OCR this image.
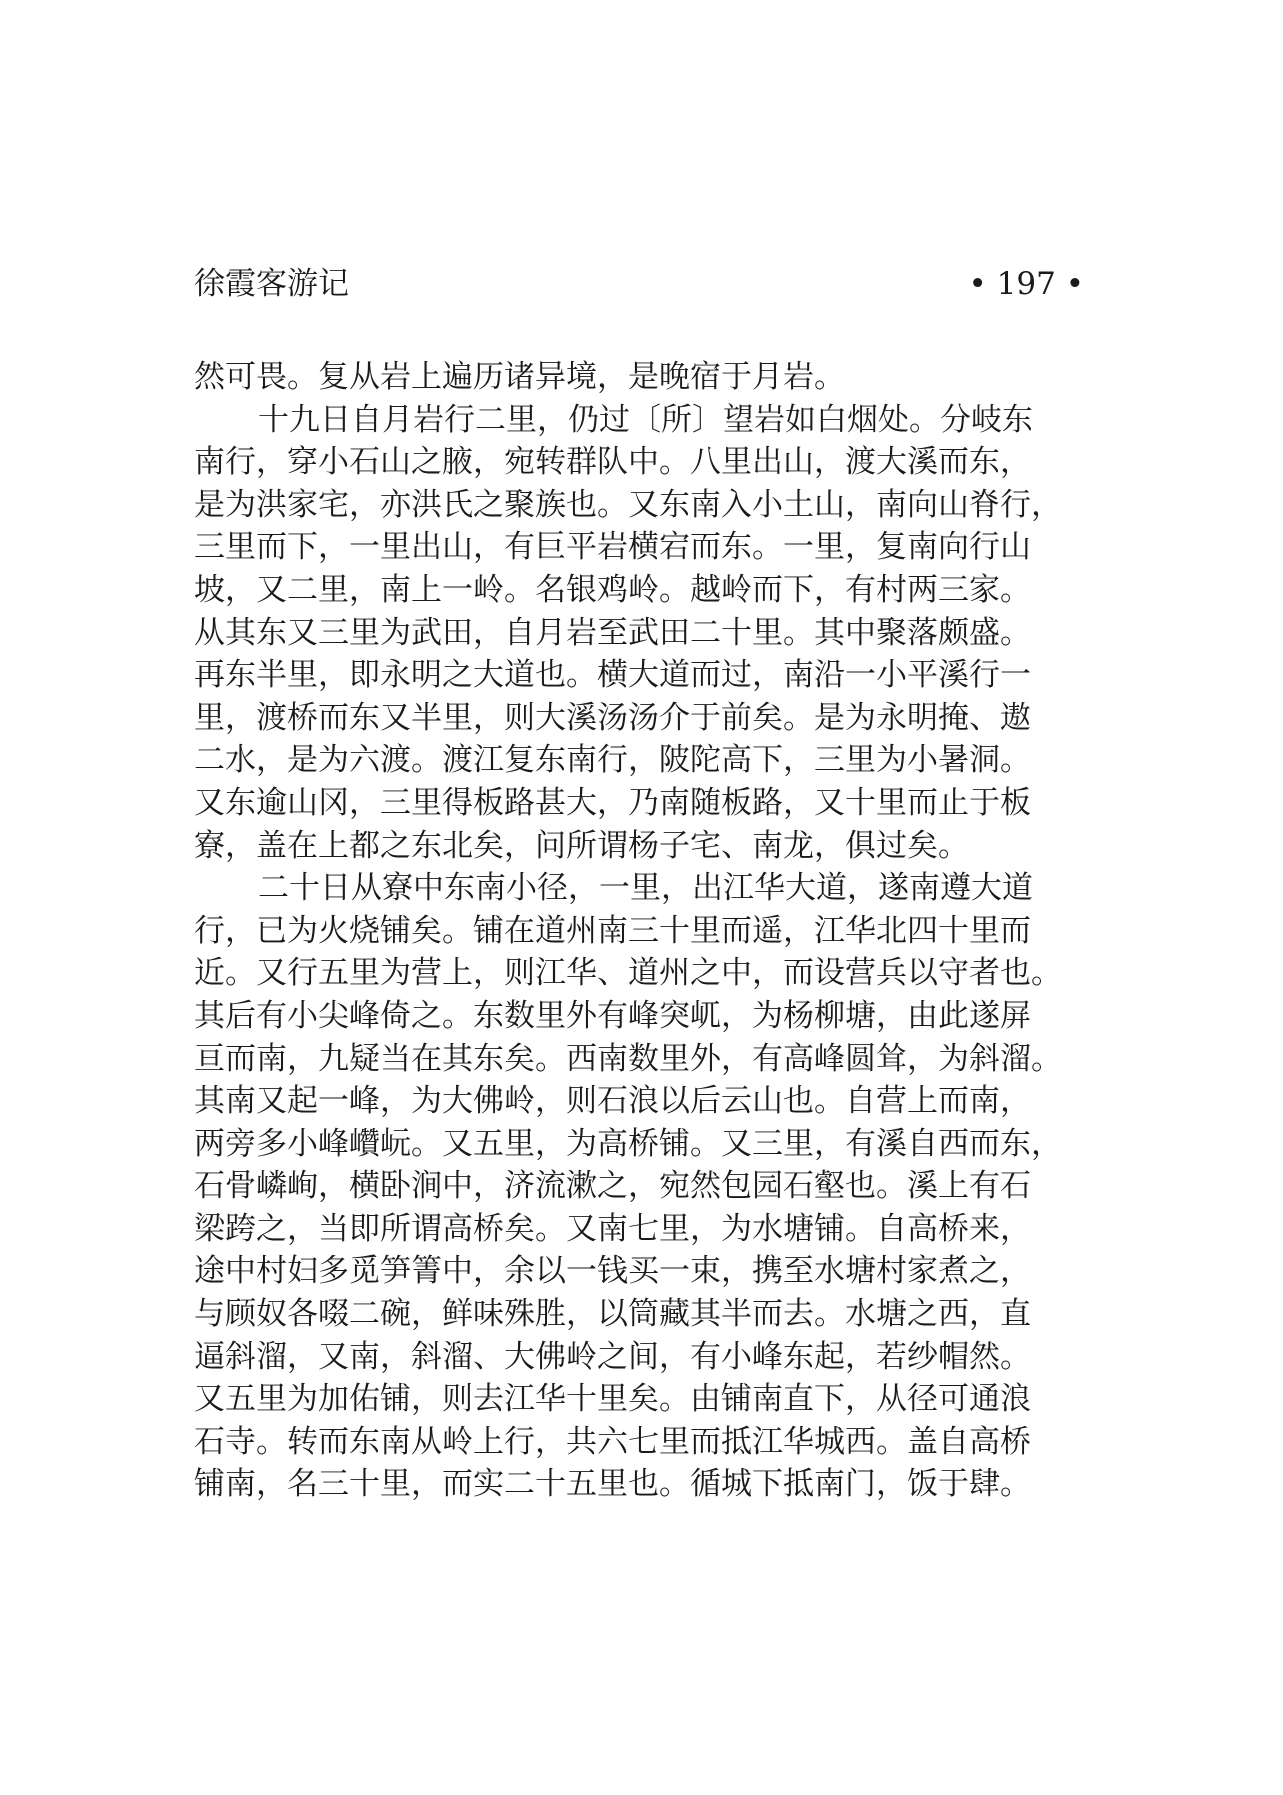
徐霞客游记	• 197 •
然可畏。复从岩上遍历诸异境，是晚宿于月岩。
十九日自月岩行二里，仍过〔所〕望岩如白烟处。分岐东
南行，穿小石山之腋，宛转群队中。八里出山，渡大溪而东，
是为洪家宅，亦洪氏之聚族也。又东南入小土山，南向山脊行，
三里而下，一里出山，有巨平岩横宕而东。一里，复南向行山
坡，又二里，南上一岭。名银鸡岭。越岭而下，有村两三家。
从其东又三里为武田，自月岩至武田二十里。其中聚落颇盛。
再东半里，即永明之大道也。横大道而过，南沿一小平溪行一
里，渡桥而东又半里，则大溪汤汤介于前矣。是为永明掩、遨
二水，是为六渡。渡江复东南行，陂陀高下，三里为小暑洞。
又东逾山冈，三里得板路甚大，乃南随板路，又十里而止于板
寮，盖在上都之东北矣，问所谓杨子宅、南龙，俱过矣。
二十日从寮中东南小径，一里，出江华大道，遂南遵大道
行，已为火烧铺矣。铺在道州南三十里而遥，江华北四十里而
近。又行五里为营上，则江华、道州之中，而设营兵以守者也。
其后有小尖峰倚之。东数里外有峰突屼，为杨柳塘，由此遂屏
亘而南，九疑当在其东矣。西南数里外，有高峰圆耸，为斜溜。
其南又起一峰，为大佛岭，则石浪以后云山也。自营上而南，
两旁多小峰巑岏。又五里，为高桥铺。又三里，有溪自西而东，
石骨嶙峋，横卧涧中，济流漱之，宛然包园石壑也。溪上有石
梁跨之，当即所谓高桥矣。又南七里，为水塘铺。自高桥来，
途中村妇多觅笋箐中，余以一钱买一束，携至水塘村家煮之，
与顾奴各啜二碗，鲜味殊胜，以筒藏其半而去。水塘之西，直
逼斜溜，又南，斜溜、大佛岭之间，有小峰东起，若纱帽然。
又五里为加佑铺，则去江华十里矣。由铺南直下，从径可通浪
石寺。转而东南从岭上行，共六七里而抵江华城西。盖自高桥
铺南，名三十里，而实二十五里也。循城下抵南门，饭于肆。
